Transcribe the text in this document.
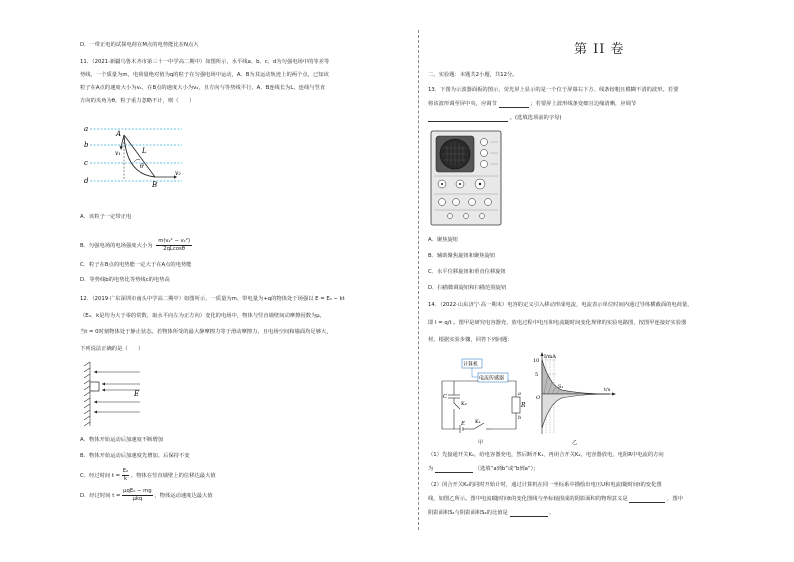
D．一带正电的试探电荷在M点的电势能比在N点大
11．（2021·新疆乌鲁木齐市第三十一中学高二期中）如图所示，水平线a、b、c、d为匀强电场中的等差等
势线，一个质量为m，电荷量绝对值为q的粒子在匀强电场中运动，A、B为其运动轨迹上的两个点，已知该
粒子在A点的速度大小为v₁，在B点的速度大小为v₂，且方向与等势线平行，A、B连线长为L，连线与竖直
方向的夹角为θ，粒子重力忽略不计，则（　　）
a
b
c
d
A
B
L
θ
v₁
v₂
A．该粒子一定带正电
B．匀强电场的电场强度大小为 $\frac{\text{m(v₂² − v₁²)}}{2qLcos\theta}$
C．粒子在B点的电势能一定大于在A点的电势能
D．等势线b的电势比等势线c的电势高
12．（2019·广东深圳市南头中学高二期中）如图所示，一质量为m、带电量为+q的物体处于场强以 E = E₀ − kt
（E₀、k是均为大于零的常数，取水平向左为正方向）变化的电场中，物体与竖直墙壁间动摩擦因数为μ，
当t = 0时刻物体处于静止状态。若物体所受的最大静摩擦力等于滑动摩擦力，且电场空间和墙面均足够大，
下列说法正确的是（　　）
E
A．物体开始运动后加速度不断增加
B．物体开始运动后加速度先增加、后保持不变
C．经过时间 $t = \frac{\text{E₀}}{k}$ ，物体在竖直墙壁上的位移达最大值
D．经过时间 t =
μqE₀ − mg
μkq	，物体运动速度达最大值
第 II 卷
二、实验题：本题共2小题，共12分。
13．下图为示波器面板的图示，荧光屏上显示的是一个位于屏幕右下方、线条较粗且模糊不清的波形。若要
将该波形调至屏中央，应调节	；若要屏上波形线条变细且边缘清晰，应调节
。(选填选项前的字母)
A．聚焦旋钮
B．辅助聚焦旋钮和聚焦旋钮
C．水平位移旋钮和垂直位移旋钮
D．扫描微调旋钮和扫描范围旋钮
14．（2022·山东济宁·高一期末）电容的定义引入移动形成电流，电流表示单位时间内通过导体横截面的电荷量，
即 I = q/t 。图甲是研究电容器充、放电过程中电压和电流随时间变化规律的实验电路图，按图甲连接好实验器
材，根据实验步骤，回答下列问题：
计算机
电流传感器
R
E K₁
K₂
C	a
b
甲
I/mA
10
5
O
t/s
S₁
乙
（1）先接通开关K₁，给电容器充电，然后断开K₁，再闭合开关K₂，电容器放电，电阻R中电流的方向
为	（选填“a到b”或“b到a”）；
（2）闭合开关K₂的同时开始计时，通过计算机在同一坐标系中描绘出电压U和电流I随时间t的变化图
线，如图乙所示。图中电流I随时间t的变化图线与坐标轴围成的阴影面积的物理意义是	，图中
阴影面积S₁与阴影面积S₂的比值是	。
